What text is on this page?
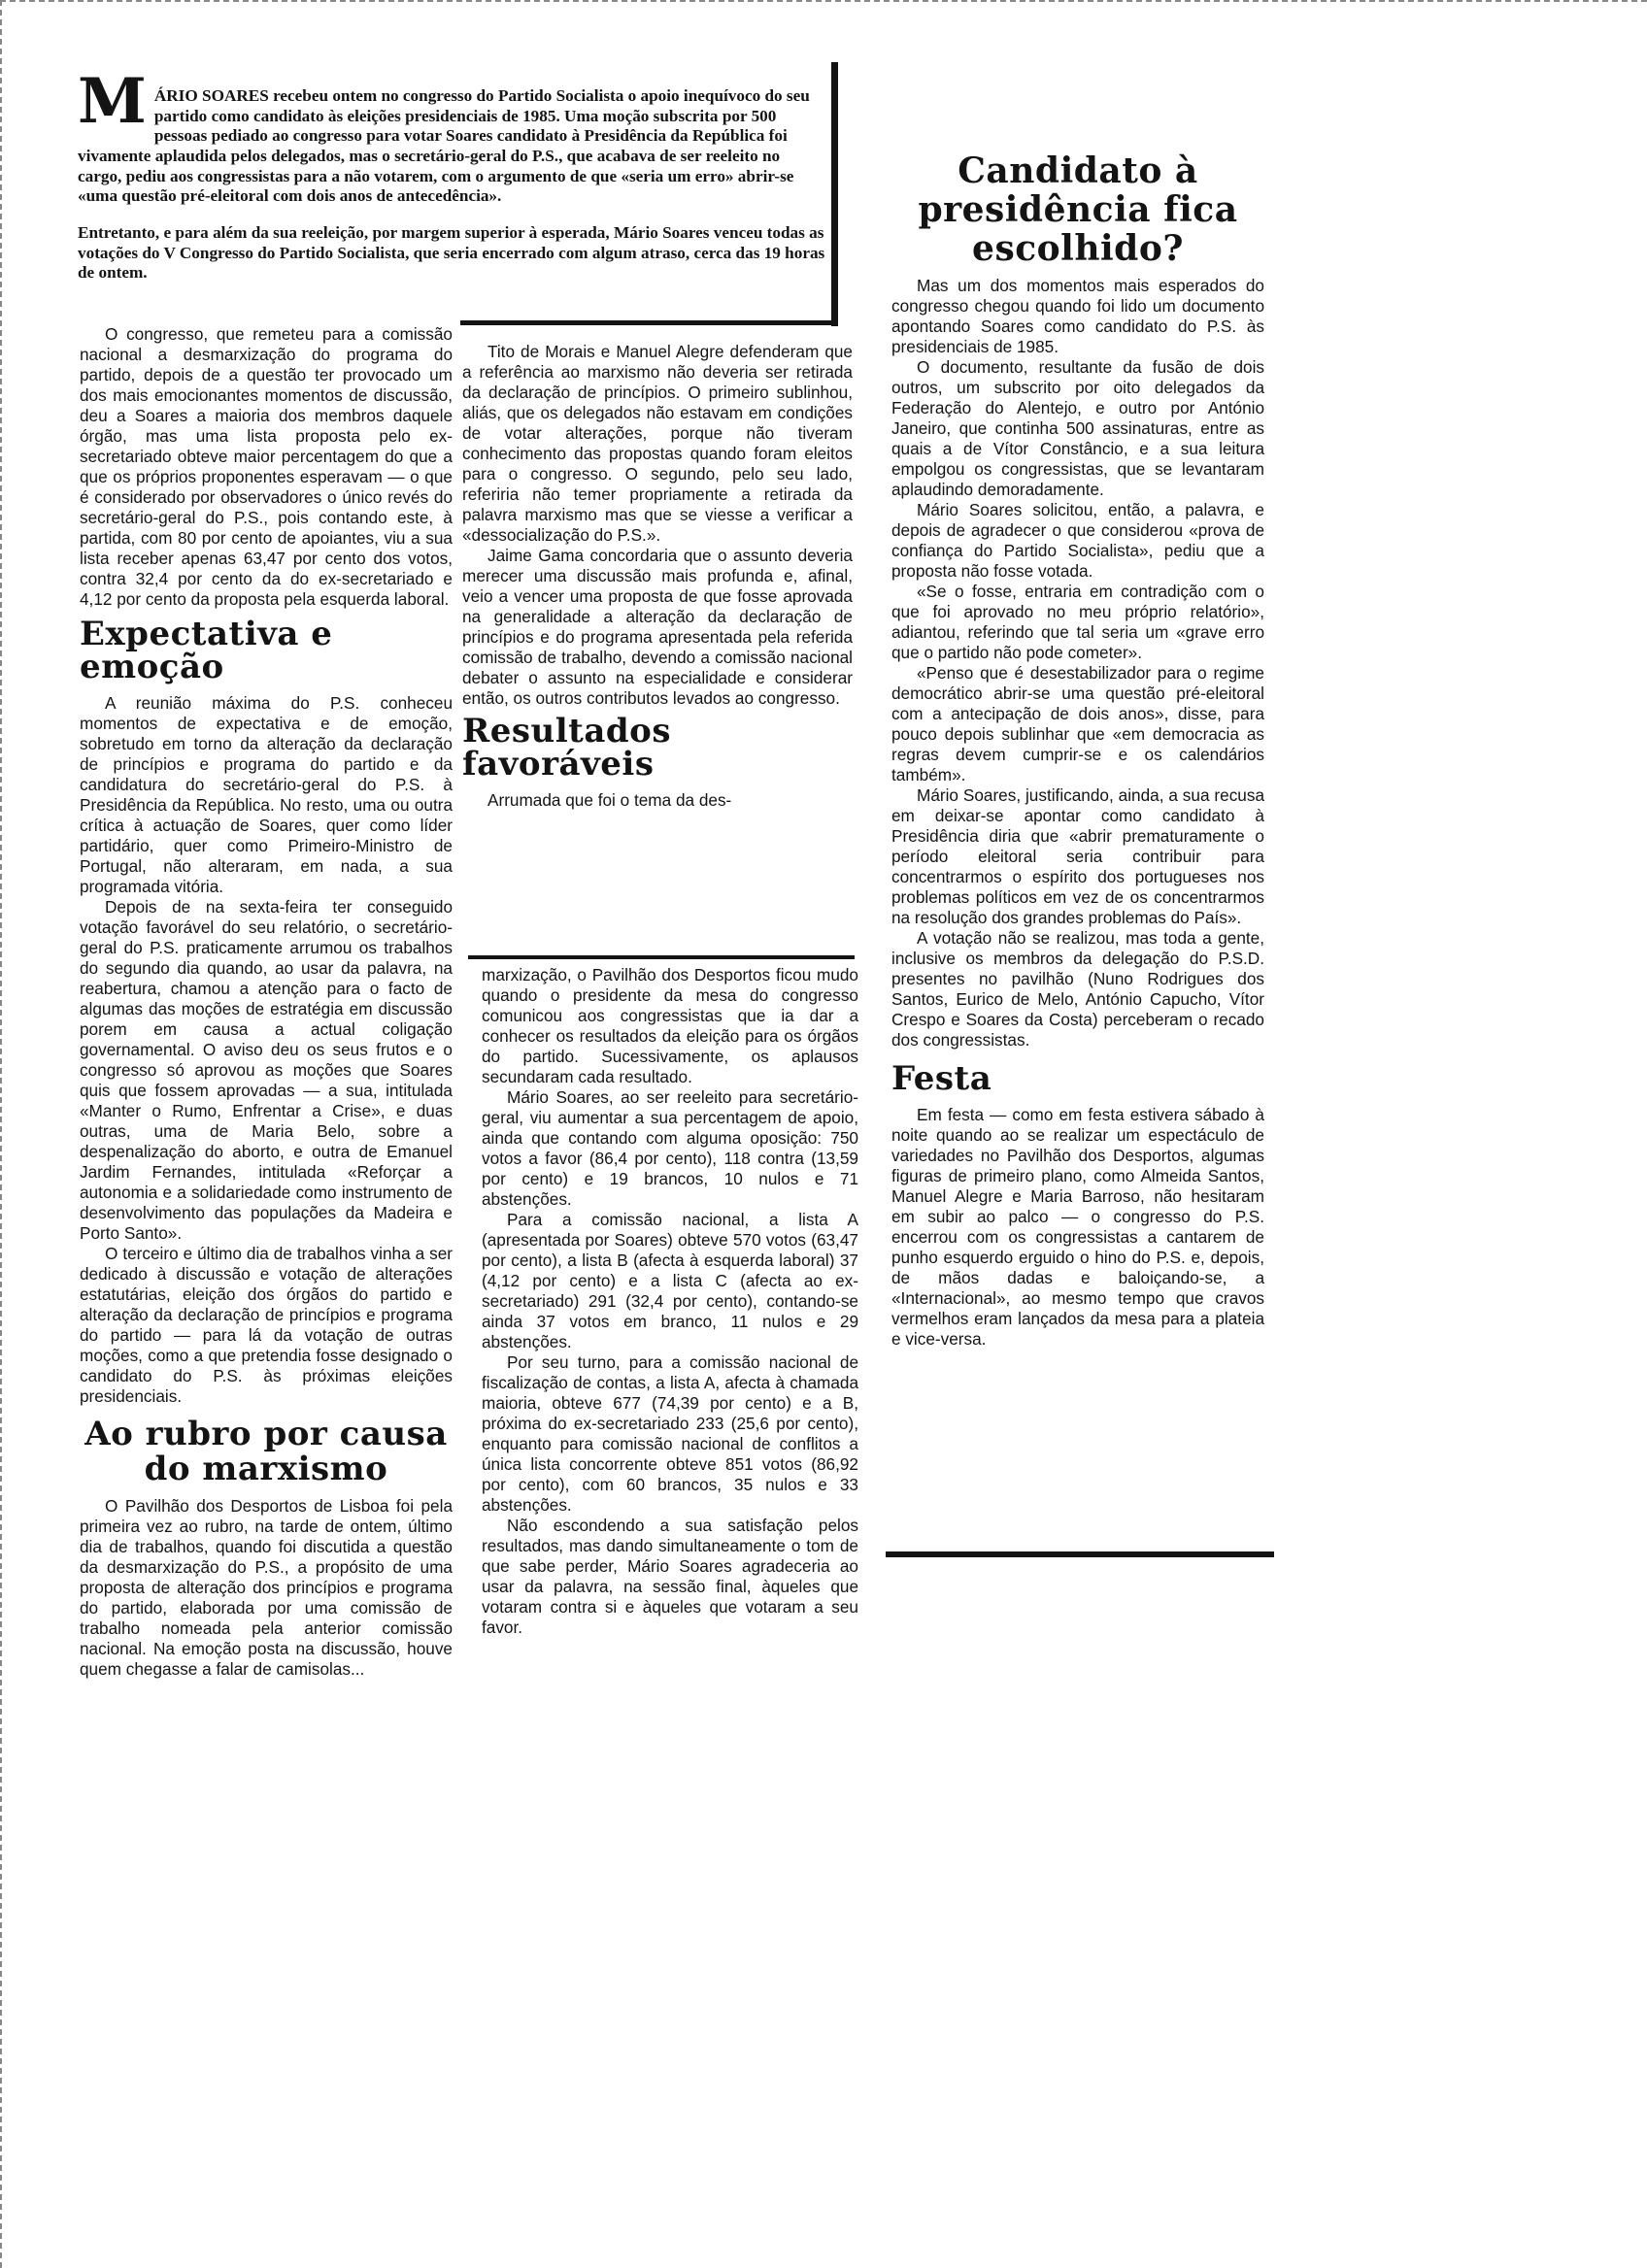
M ÁRIO SOARES recebeu ontem no congresso do Partido Socialista o apoio inequívoco do seu partido como candidato às eleições presidenciais de 1985. Uma moção subscrita por 500 pessoas pediado ao congresso para votar Soares candidato à Presidência da República foi vivamente aplaudida pelos delegados, mas o secretário-geral do P.S., que acabava de ser reeleito no cargo, pediu aos congressistas para a não votarem, com o argumento de que «seria um erro» abrir-se «uma questão pré-eleitoral com dois anos de antecedência».

Entretanto, e para além da sua reeleição, por margem superior à esperada, Mário Soares venceu todas as votações do V Congresso do Partido Socialista, que seria encerrado com algum atraso, cerca das 19 horas de ontem.

O congresso, que remeteu para a comissão nacional a desmarxização do programa do partido, depois de a questão ter provocado um dos mais emocionantes momentos de discussão, deu a Soares a maioria dos membros daquele órgão, mas uma lista proposta pelo ex-secretariado obteve maior percentagem do que a que os próprios proponentes esperavam — o que é considerado por observadores o único revés do secretário-geral do P.S., pois contando este, à partida, com 80 por cento de apoiantes, viu a sua lista receber apenas 63,47 por cento dos votos, contra 32,4 por cento da do ex-secretariado e 4,12 por cento da proposta pela esquerda laboral.

Expectativa e emoção

A reunião máxima do P.S. conheceu momentos de expectativa e de emoção, sobretudo em torno da alteração da declaração de princípios e programa do partido e da candidatura do secretário-geral do P.S. à Presidência da República. No resto, uma ou outra crítica à actuação de Soares, quer como líder partidário, quer como Primeiro-Ministro de Portugal, não alteraram, em nada, a sua programada vitória.

Depois de na sexta-feira ter conseguido votação favorável do seu relatório, o secretário-geral do P.S. praticamente arrumou os trabalhos do segundo dia quando, ao usar da palavra, na reabertura, chamou a atenção para o facto de algumas das moções de estratégia em discussão porem em causa a actual coligação governamental. O aviso deu os seus frutos e o congresso só aprovou as moções que Soares quis que fossem aprovadas — a sua, intitulada «Manter o Rumo, Enfrentar a Crise», e duas outras, uma de Maria Belo, sobre a despenalização do aborto, e outra de Emanuel Jardim Fernandes, intitulada «Reforçar a autonomia e a solidariedade como instrumento de desenvolvimento das populações da Madeira e Porto Santo».

O terceiro e último dia de trabalhos vinha a ser dedicado à discussão e votação de alterações estatutárias, eleição dos órgãos do partido e alteração da declaração de princípios e programa do partido — para lá da votação de outras moções, como a que pretendia fosse designado o candidato do P.S. às próximas eleições presidenciais.

Ao rubro por causa do marxismo

O Pavilhão dos Desportos de Lisboa foi pela primeira vez ao rubro, na tarde de ontem, último dia de trabalhos, quando foi discutida a questão da desmarxização do P.S., a propósito de uma proposta de alteração dos princípios e programa do partido, elaborada por uma comissão de trabalho nomeada pela anterior comissão nacional. Na emoção posta na discussão, houve quem chegasse a falar de camisolas...

Tito de Morais e Manuel Alegre defenderam que a referência ao marxismo não deveria ser retirada da declaração de princípios. O primeiro sublinhou, aliás, que os delegados não estavam em condições de votar alterações, porque não tiveram conhecimento das propostas quando foram eleitos para o congresso. O segundo, pelo seu lado, referiria não temer propriamente a retirada da palavra marxismo mas que se viesse a verificar a «dessocialização do P.S.».

Jaime Gama concordaria que o assunto deveria merecer uma discussão mais profunda e, afinal, veio a vencer uma proposta de que fosse aprovada na generalidade a alteração da declaração de princípios e do programa apresentada pela referida comissão de trabalho, devendo a comissão nacional debater o assunto na especialidade e considerar então, os outros contributos levados ao congresso.

Resultados favoráveis

Arrumada que foi o tema da des-

marxização, o Pavilhão dos Desportos ficou mudo quando o presidente da mesa do congresso comunicou aos congressistas que ia dar a conhecer os resultados da eleição para os órgãos do partido. Sucessivamente, os aplausos secundaram cada resultado.

Mário Soares, ao ser reeleito para secretário-geral, viu aumentar a sua percentagem de apoio, ainda que contando com alguma oposição: 750 votos a favor (86,4 por cento), 118 contra (13,59 por cento) e 19 brancos, 10 nulos e 71 abstenções.

Para a comissão nacional, a lista A (apresentada por Soares) obteve 570 votos (63,47 por cento), a lista B (afecta à esquerda laboral) 37 (4,12 por cento) e a lista C (afecta ao ex-secretariado) 291 (32,4 por cento), contando-se ainda 37 votos em branco, 11 nulos e 29 abstenções.

Por seu turno, para a comissão nacional de fiscalização de contas, a lista A, afecta à chamada maioria, obteve 677 (74,39 por cento) e a B, próxima do ex-secretariado 233 (25,6 por cento), enquanto para comissão nacional de conflitos a única lista concorrente obteve 851 votos (86,92 por cento), com 60 brancos, 35 nulos e 33 abstenções.

Não escondendo a sua satisfação pelos resultados, mas dando simultaneamente o tom de que sabe perder, Mário Soares agradeceria ao usar da palavra, na sessão final, àqueles que votaram contra si e àqueles que votaram a seu favor.

Candidato à presidência fica escolhido?

Mas um dos momentos mais esperados do congresso chegou quando foi lido um documento apontando Soares como candidato do P.S. às presidenciais de 1985.

O documento, resultante da fusão de dois outros, um subscrito por oito delegados da Federação do Alentejo, e outro por António Janeiro, que continha 500 assinaturas, entre as quais a de Vítor Constâncio, e a sua leitura empolgou os congressistas, que se levantaram aplaudindo demoradamente.

Mário Soares solicitou, então, a palavra, e depois de agradecer o que considerou «prova de confiança do Partido Socialista», pediu que a proposta não fosse votada.

«Se o fosse, entraria em contradição com o que foi aprovado no meu próprio relatório», adiantou, referindo que tal seria um «grave erro que o partido não pode cometer».

«Penso que é desestabilizador para o regime democrático abrir-se uma questão pré-eleitoral com a antecipação de dois anos», disse, para pouco depois sublinhar que «em democracia as regras devem cumprir-se e os calendários também».

Mário Soares, justificando, ainda, a sua recusa em deixar-se apontar como candidato à Presidência diria que «abrir prematuramente o período eleitoral seria contribuir para concentrarmos o espírito dos portugueses nos problemas políticos em vez de os concentrarmos na resolução dos grandes problemas do País».

A votação não se realizou, mas toda a gente, inclusive os membros da delegação do P.S.D. presentes no pavilhão (Nuno Rodrigues dos Santos, Eurico de Melo, António Capucho, Vítor Crespo e Soares da Costa) perceberam o recado dos congressistas.

Festa

Em festa — como em festa estivera sábado à noite quando ao se realizar um espectáculo de variedades no Pavilhão dos Desportos, algumas figuras de primeiro plano, como Almeida Santos, Manuel Alegre e Maria Barroso, não hesitaram em subir ao palco — o congresso do P.S. encerrou com os congressistas a cantarem de punho esquerdo erguido o hino do P.S. e, depois, de mãos dadas e baloiçando-se, a «Internacional», ao mesmo tempo que cravos vermelhos eram lançados da mesa para a plateia e vice-versa.
